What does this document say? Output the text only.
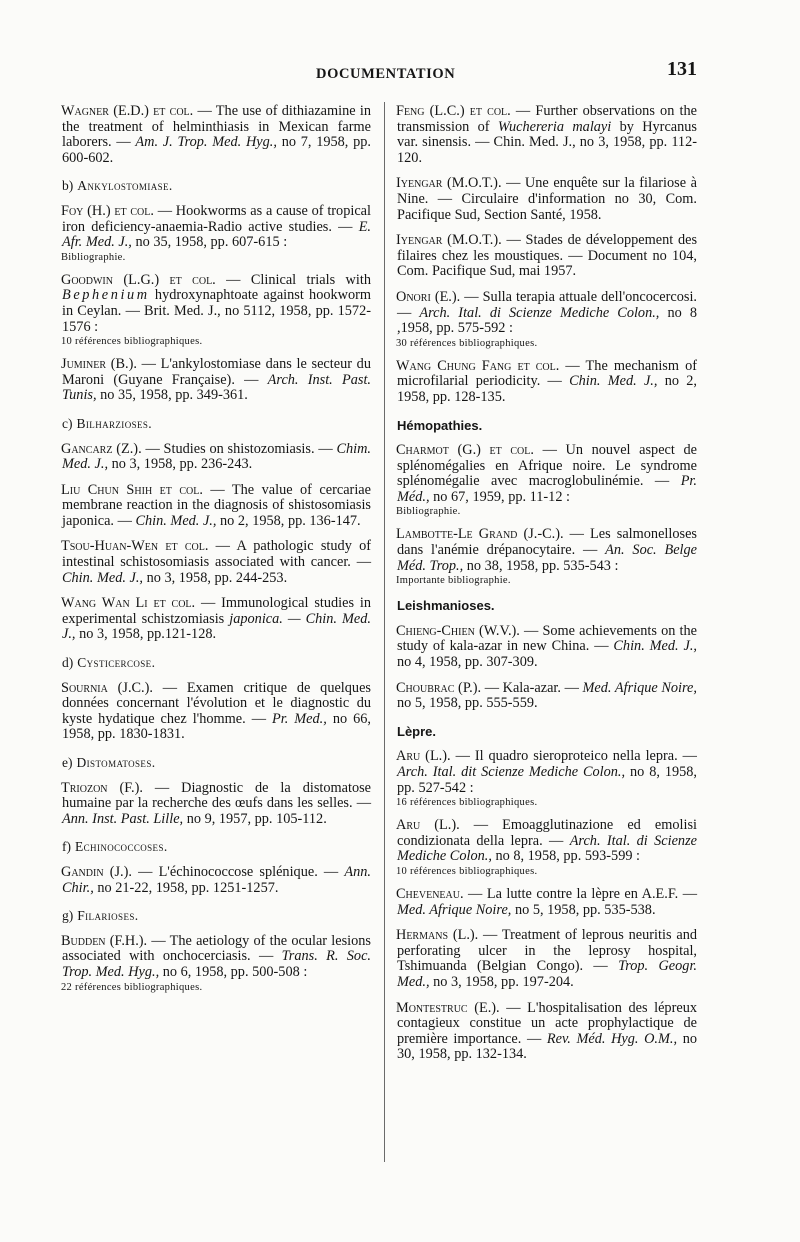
DOCUMENTATION	131
Wagner (E.D.) et col. — The use of dithiazamine in the treatment of helminthiasis in Mexican farme laborers. — Am. J. Trop. Med. Hyg., no 7, 1958, pp. 600-602.
b) Ankylostomiase.
Foy (H.) et col. — Hookworms as a cause of tropical iron deficiency-anaemia-Radio active studies. — E. Afr. Med. J., no 35, 1958, pp. 607-615 :
Bibliographie.
Goodwin (L.G.) et col. — Clinical trials with Bephenium hydroxynaphtoate against hookworm in Ceylan. — Brit. Med. J., no 5112, 1958, pp. 1572-1576 :
10 références bibliographiques.
Juminer (B.). — L'ankylostomiase dans le secteur du Maroni (Guyane Française). — Arch. Inst. Past. Tunis, no 35, 1958, pp. 349-361.
c) Bilharzioses.
Gancarz (Z.). — Studies on shistozomiasis. — Chim. Med. J., no 3, 1958, pp. 236-243.
Liu Chun Shih et col. — The value of cercariae membrane reaction in the diagnosis of shistosomiasis japonica. — Chin. Med. J., no 2, 1958, pp. 136-147.
Tsou-Huan-Wen et col. — A pathologic study of intestinal schistosomiasis associated with cancer. — Chin. Med. J., no 3, 1958, pp. 244-253.
Wang Wan Li et col. — Immunological studies in experimental schistzomiasis japonica. — Chin. Med. J., no 3, 1958, pp.121-128.
d) Cysticercose.
Sournia (J.C.). — Examen critique de quelques données concernant l'évolution et le diagnostic du kyste hydatique chez l'homme. — Pr. Med., no 66, 1958, pp. 1830-1831.
e) Distomatoses.
Triozon (F.). — Diagnostic de la distomatose humaine par la recherche des œufs dans les selles. — Ann. Inst. Past. Lille, no 9, 1957, pp. 105-112.
f) Echinococcoses.
Gandin (J.). — L'échinococcose splénique. — Ann. Chir., no 21-22, 1958, pp. 1251-1257.
g) Filarioses.
Budden (F.H.). — The aetiology of the ocular lesions associated with onchocerciasis. — Trans. R. Soc. Trop. Med. Hyg., no 6, 1958, pp. 500-508 :
22 références bibliographiques.
Feng (L.C.) et col. — Further observations on the transmission of Wuchereria malayi by Hyrcanus var. sinensis. — Chin. Med. J., no 3, 1958, pp. 112-120.
Iyengar (M.O.T.). — Une enquête sur la filariose à Nine. — Circulaire d'information no 30, Com. Pacifique Sud, Section Santé, 1958.
Iyengar (M.O.T.). — Stades de développement des filaires chez les moustiques. — Document no 104, Com. Pacifique Sud, mai 1957.
Onori (E.). — Sulla terapia attuale dell'oncocercosi. — Arch. Ital. di Scienze Mediche Colon., no 8 ,1958, pp. 575-592 :
30 références bibliographiques.
Wang Chung Fang et col. — The mechanism of microfilarial periodicity. — Chin. Med. J., no 2, 1958, pp. 128-135.
Hémopathies.
Charmot (G.) et col. — Un nouvel aspect de splénomégalies en Afrique noire. Le syndrome splénomégalie avec macroglobulinémie. — Pr. Méd., no 67, 1959, pp. 11-12 :
Bibliographie.
Lambotte-Le Grand (J.-C.). — Les salmonelloses dans l'anémie drépanocytaire. — An. Soc. Belge Méd. Trop., no 38, 1958, pp. 535-543 :
Importante bibliographie.
Leishmanioses.
Chieng-Chien (W.V.). — Some achievements on the study of kala-azar in new China. — Chin. Med. J., no 4, 1958, pp. 307-309.
Choubrac (P.). — Kala-azar. — Med. Afrique Noire, no 5, 1958, pp. 555-559.
Lèpre.
Aru (L.). — Il quadro sieroproteico nella lepra. — Arch. Ital. dit Scienze Mediche Colon., no 8, 1958, pp. 527-542 :
16 références bibliographiques.
Aru (L.). — Emoagglutinazione ed emolisi condizionata della lepra. — Arch. Ital. di Scienze Mediche Colon., no 8, 1958, pp. 593-599 :
10 références bibliographiques.
Cheveneau. — La lutte contre la lèpre en A.E.F. — Med. Afrique Noire, no 5, 1958, pp. 535-538.
Hermans (L.). — Treatment of leprous neuritis and perforating ulcer in the leprosy hospital, Tshimuanda (Belgian Congo). — Trop. Geogr. Med., no 3, 1958, pp. 197-204.
Montestruc (E.). — L'hospitalisation des lépreux contagieux constitue un acte prophylactique de première importance. — Rev. Méd. Hyg. O.M., no 30, 1958, pp. 132-134.
